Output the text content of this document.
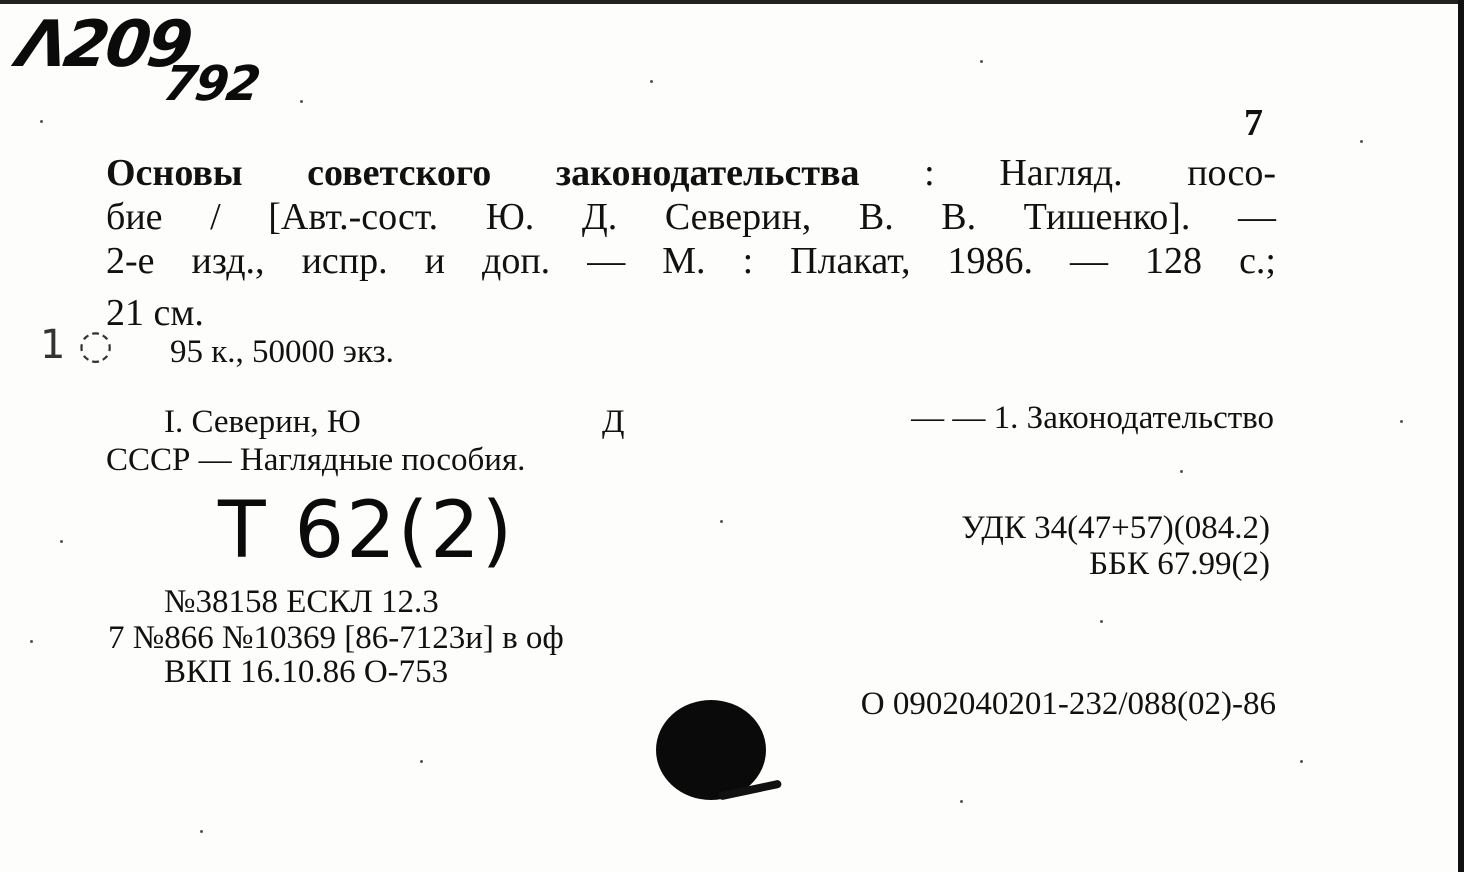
Λ209
792
1 ◌
7
Основы советского законодательства : Нагляд. посо-
бие / [Авт.-сост. Ю. Д. Северин, В. В. Тишенко]. —
2-е изд., испр. и доп. — М. : Плакат, 1986. — 128 с.;
21 см.
95 к., 50000 экз.
I. Северин, Ю	Д	— — 1. Законодательство
СССР — Наглядные пособия.
T 62(2)	УДК 34(47+57)(084.2)
ББК 67.99(2)
№38158 ЕСКЛ 12.3
7 №866 №10369 [86-7123и] в оф
ВКП 16.10.86 О-753
О 0902040201-232/088(02)-86
